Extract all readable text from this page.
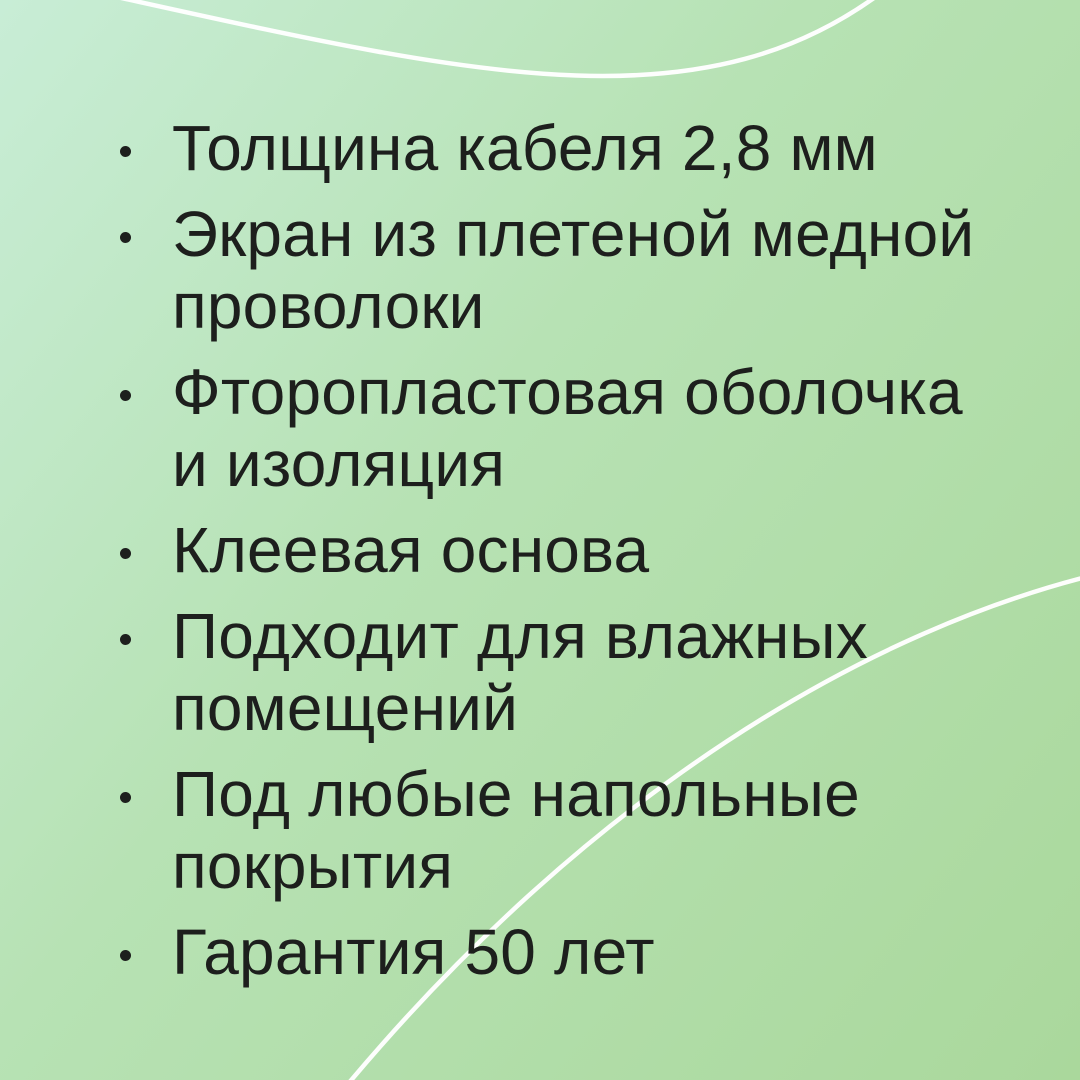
Толщина кабеля 2,8 мм
Экран из плетеной медной
проволоки
Фторопластовая оболочка
и изоляция
Клеевая основа
Подходит для влажных
помещений
Под любые напольные
покрытия
Гарантия 50 лет
